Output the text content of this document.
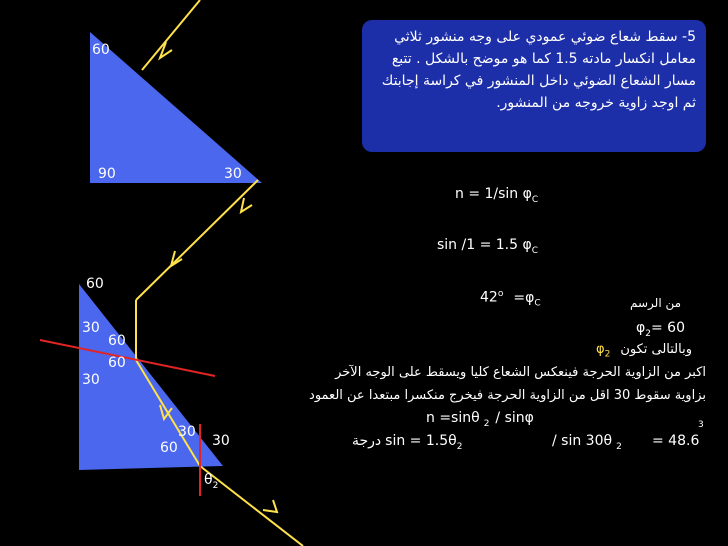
60
90	30
60
30
60
60
30
30
60 30
$\theta_2$
5- سقط شعاع ضوئي عمودي على وجه منشور ثلاثي معامل انكسار مادته 1.5 كما هو موضح بالشكل . تتبع مسار الشعاع الضوئي داخل المنشور في كراسة إجابتك ثم اوجد زاوية خروجه من المنشور.
n = 1/sin $\varphi_C$
sin /1 = 1.5 $\varphi_C$
$42^o =\varphi_C$	من الرسم
$\varphi_2= 60$
$\varphi_2$ وبالتالى تكون
اكبر من الزاوية الحرجة فينعكس الشعاع كليا ويسقط على الوجه الآخر
بزاوية سقوط 30 اقل من الزاوية الحرجة فيخرج منكسرا مبتعدا عن العمود
n =sinθ $_2$ / sinφ	3
درجة $\sin = 1.5\theta_2$	/ sin 30θ $_2$ = 48.6
